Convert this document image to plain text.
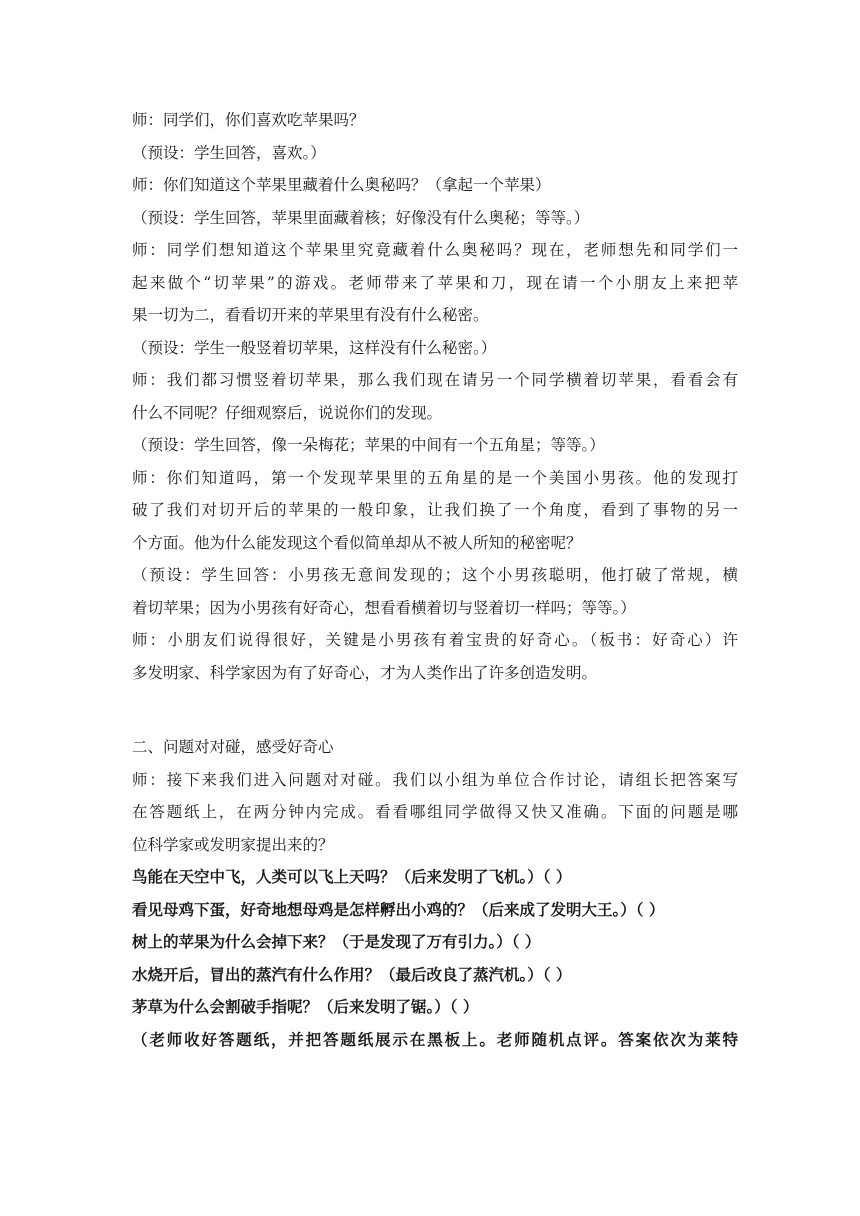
师：同学们，你们喜欢吃苹果吗？
（预设：学生回答，喜欢。）
师：你们知道这个苹果里藏着什么奥秘吗？（拿起一个苹果）
（预设：学生回答，苹果里面藏着核；好像没有什么奥秘；等等。）
师：同学们想知道这个苹果里究竟藏着什么奥秘吗？现在，老师想先和同学们一
起来做个“切苹果”的游戏。老师带来了苹果和刀，现在请一个小朋友上来把苹
果一切为二，看看切开来的苹果里有没有什么秘密。
（预设：学生一般竖着切苹果，这样没有什么秘密。）
师：我们都习惯竖着切苹果，那么我们现在请另一个同学横着切苹果，看看会有
什么不同呢？仔细观察后，说说你们的发现。
（预设：学生回答，像一朵梅花；苹果的中间有一个五角星；等等。）
师：你们知道吗，第一个发现苹果里的五角星的是一个美国小男孩。他的发现打
破了我们对切开后的苹果的一般印象，让我们换了一个角度，看到了事物的另一
个方面。他为什么能发现这个看似简单却从不被人所知的秘密呢？
（预设：学生回答：小男孩无意间发现的；这个小男孩聪明，他打破了常规，横
着切苹果；因为小男孩有好奇心，想看看横着切与竖着切一样吗；等等。）
师：小朋友们说得很好，关键是小男孩有着宝贵的好奇心。（板书：好奇心）许
多发明家、科学家因为有了好奇心，才为人类作出了许多创造发明。
二、问题对对碰，感受好奇心
师：接下来我们进入问题对对碰。我们以小组为单位合作讨论，请组长把答案写
在答题纸上，在两分钟内完成。看看哪组同学做得又快又准确。下面的问题是哪
位科学家或发明家提出来的？
鸟能在天空中飞，人类可以飞上天吗？（后来发明了飞机。）（ ）
看见母鸡下蛋，好奇地想母鸡是怎样孵出小鸡的？（后来成了发明大王。）（ ）
树上的苹果为什么会掉下来？（于是发现了万有引力。）（ ）
水烧开后，冒出的蒸汽有什么作用？（最后改良了蒸汽机。）（ ）
茅草为什么会割破手指呢？（后来发明了锯。）（ ）
（老师收好答题纸，并把答题纸展示在黑板上。老师随机点评。答案依次为莱特
